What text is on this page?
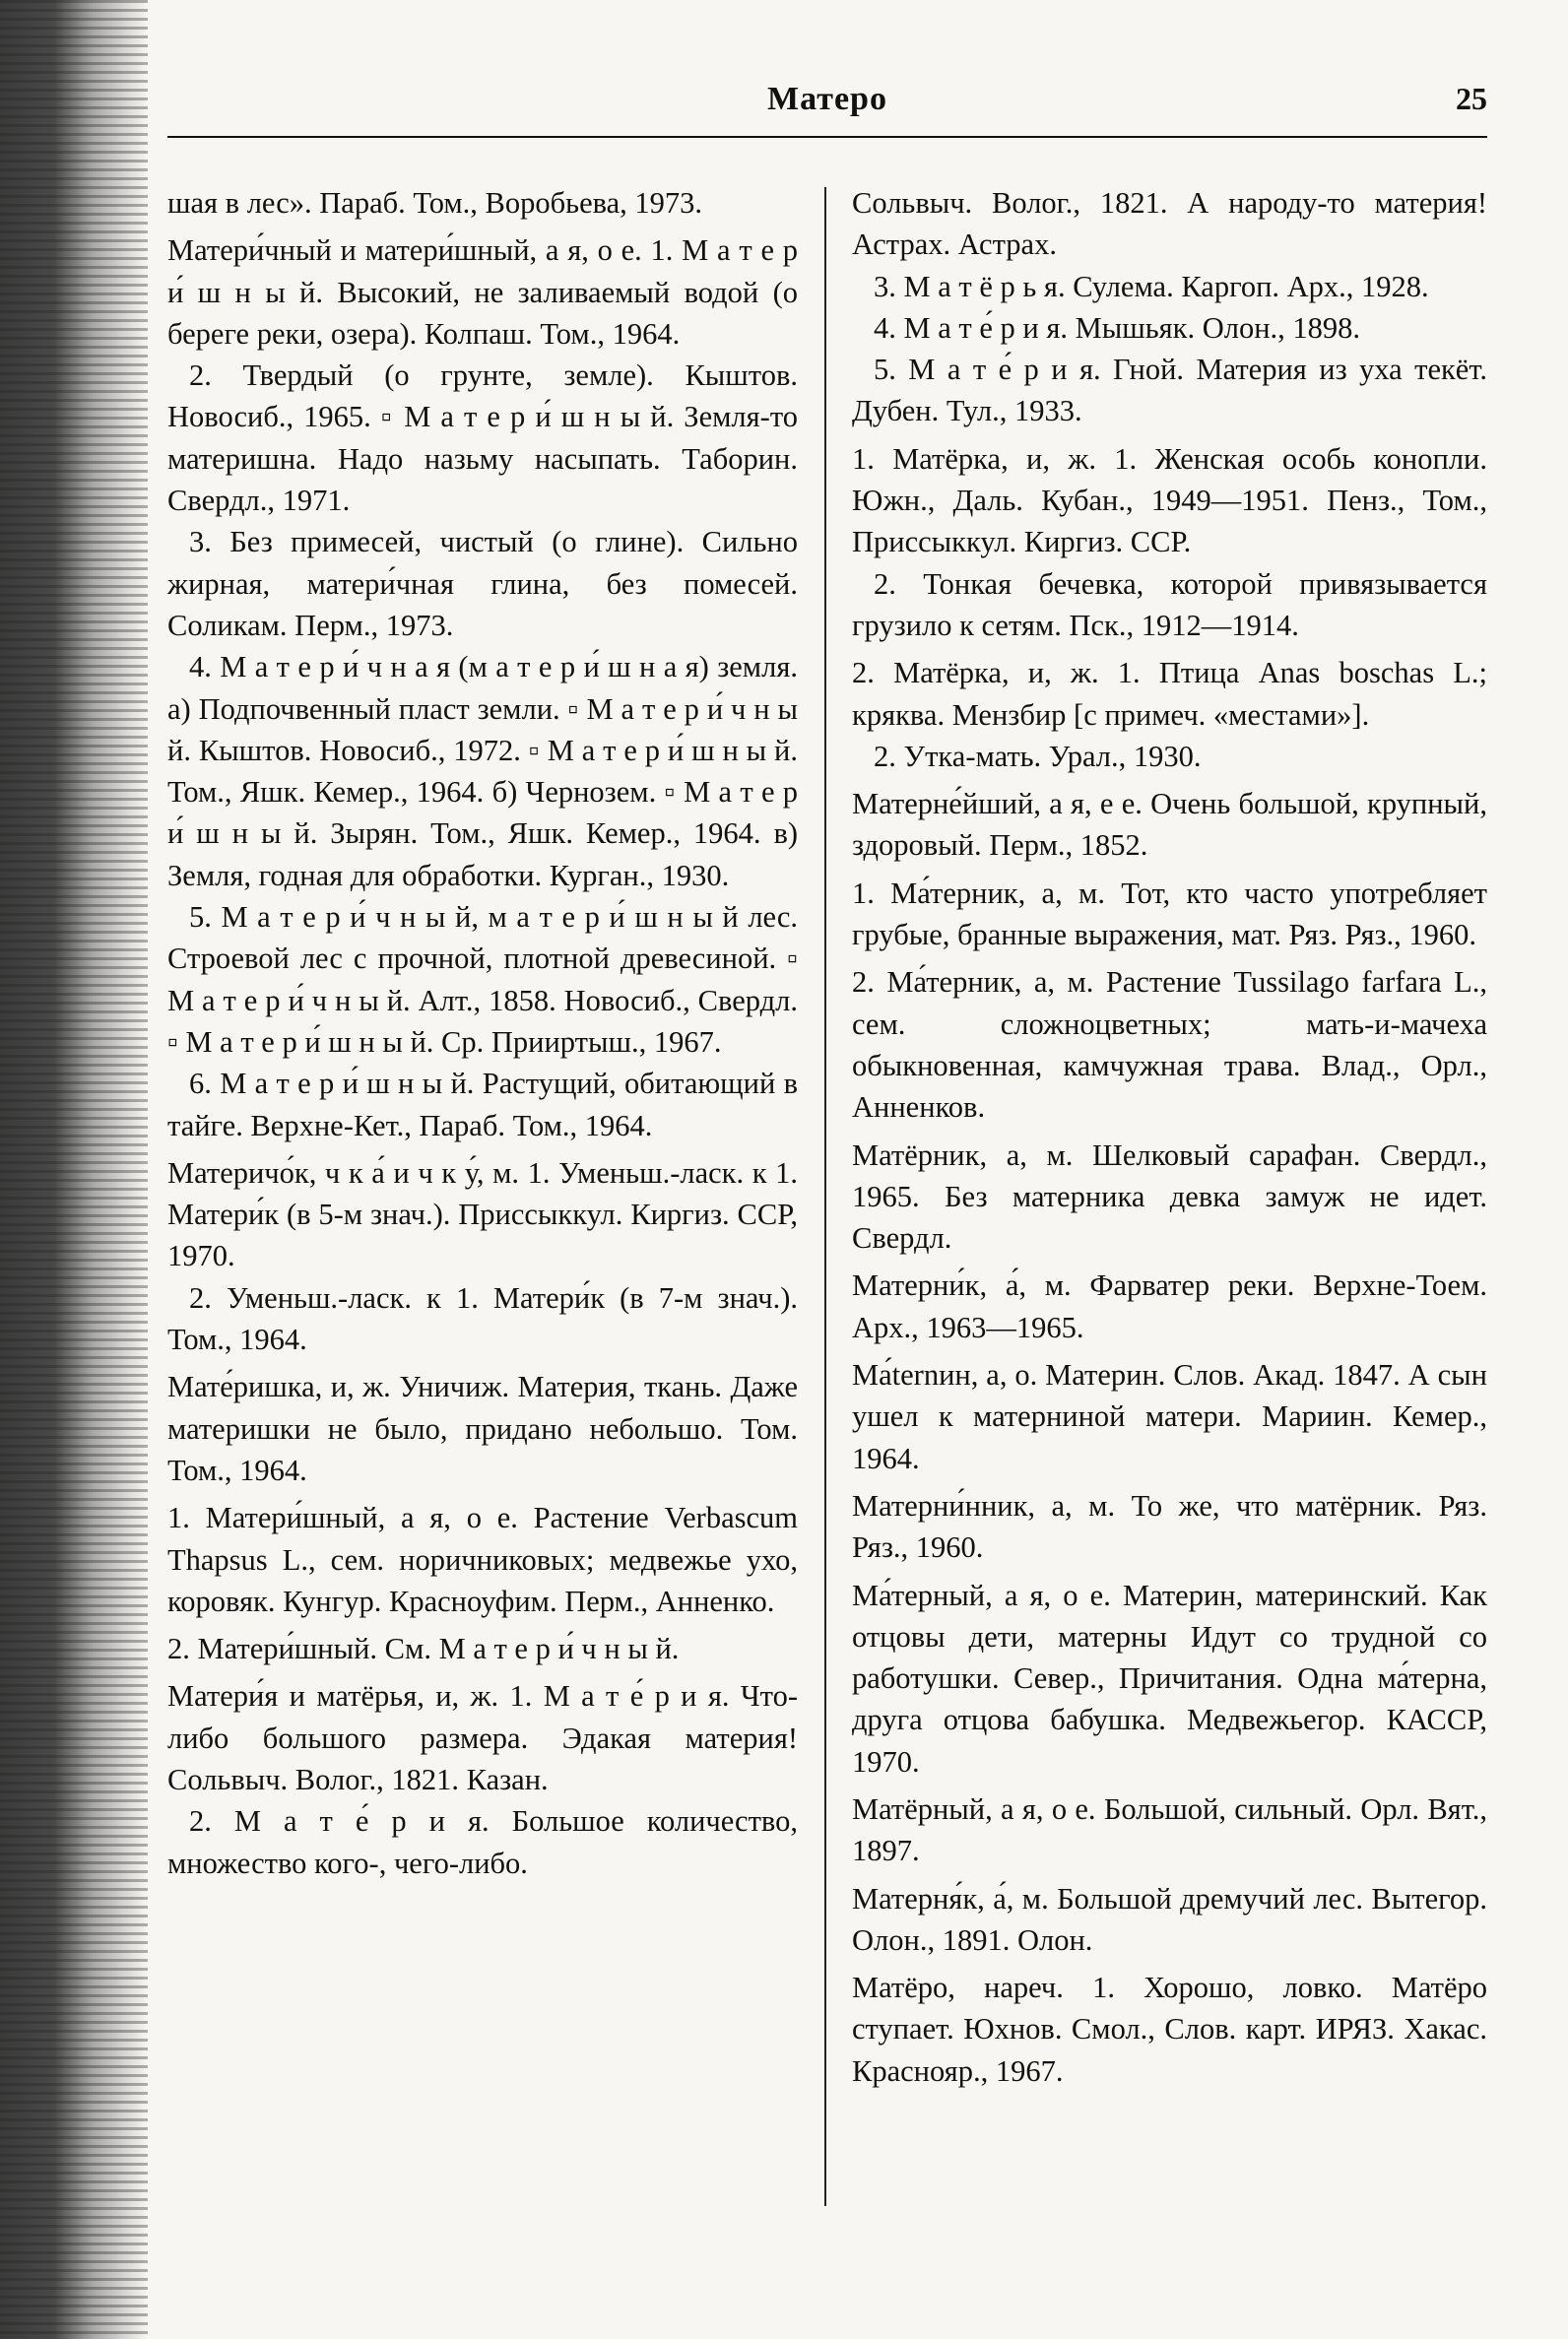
Матеро	25

шая в лес». Параб. Том., Воробьева, 1973.

Матери́чный и матери́шный, а я, о е. 1. М а т е р и́ ш н ы й. Высокий, не заливаемый водой (о береге реки, озера). Колпаш. Том., 1964.

2. Твердый (о грунте, земле). Кыштов. Новосиб., 1965. ▫ М а т е р и́ ш н ы й. Земля-то материшна. Надо назьму насыпать. Таборин. Свердл., 1971.

3. Без примесей, чистый (о глине). Сильно жирная, матери́чная глина, без помесей. Соликам. Перм., 1973.

4. М а т е р и́ ч н а я (м а т е р и́ ш н а я) земля. а) Подпочвенный пласт земли. ▫ М а т е р и́ ч н ы й. Кыштов. Новосиб., 1972. ▫ М а т е р и́ ш н ы й. Том., Яшк. Кемер., 1964. б) Чернозем. ▫ М а т е р и́ ш н ы й. Зырян. Том., Яшк. Кемер., 1964. в) Земля, годная для обработки. Курган., 1930.

5. М а т е р и́ ч н ы й, м а т е р и́ ш н ы й лес. Строевой лес с прочной, плотной древесиной. ▫ М а т е р и́ ч н ы й. Алт., 1858. Новосиб., Свердл. ▫ М а т е р и́ ш н ы й. Ср. Прииртыш., 1967.

6. М а т е р и́ ш н ы й. Растущий, обитающий в тайге. Верхне-Кет., Параб. Том., 1964.

Материчо́к, ч к а́ и ч к у́, м. 1. Уменьш.-ласк. к 1. Матери́к (в 5-м знач.). Приссыккул. Киргиз. ССР, 1970.

2. Уменьш.-ласк. к 1. Матери́к (в 7-м знач.). Том., 1964.

Мате́ришка, и, ж. Уничиж. Материя, ткань. Даже материшки не было, придано небольшо. Том. Том., 1964.

1. Матери́шный, а я, о е. Растение Verbascum Thapsus L., сем. норичниковых; медвежье ухо, коровяк. Кунгур. Красноуфим. Перм., Анненко.

2. Матери́шный. См. М а т е р и́ ч н ы й.

Матери́я и матёрья, и, ж. 1. М а т е́ р и я. Что-либо большого размера. Эдакая материя! Сольвыч. Волог., 1821. Казан.

2. М а т е́ р и я. Большое количество, множество кого-, чего-либо.

Сольвыч. Волог., 1821. А народу-то материя! Астрах. Астрах.

3. М а т ё р ь я. Сулема. Каргоп. Арх., 1928.

4. М а т е́ р и я. Мышьяк. Олон., 1898.

5. М а т е́ р и я. Гной. Материя из уха текёт. Дубен. Тул., 1933.

1. Матёрка, и, ж. 1. Женская особь конопли. Южн., Даль. Кубан., 1949—1951. Пенз., Том., Приссыккул. Киргиз. ССР.

2. Тонкая бечевка, которой привязывается грузило к сетям. Пск., 1912—1914.

2. Матёрка, и, ж. 1. Птица Anas boschas L.; кряква. Мензбир [с примеч. «местами»].

2. Утка-мать. Урал., 1930.

Матерне́йший, а я, е е. Очень большой, крупный, здоровый. Перм., 1852.

1. Ма́терник, а, м. Тот, кто часто употребляет грубые, бранные выражения, мат. Ряз. Ряз., 1960.

2. Ма́терник, а, м. Растение Tussilago farfara L., сем. сложноцветных; мать-и-мачеха обыкновенная, камчужная трава. Влад., Орл., Анненков.

Матёрник, а, м. Шелковый сарафан. Свердл., 1965. Без матерника девка замуж не идет. Свердл.

Матерни́к, а́, м. Фарватер реки. Верхне-Тоем. Арх., 1963—1965.

Ма́ternин, а, о. Материн. Слов. Акад. 1847. А сын ушел к матерниной матери. Мариин. Кемер., 1964.

Матерни́нник, а, м. То же, что матёрник. Ряз. Ряз., 1960.

Ма́терный, а я, о е. Материн, материнский. Как отцовы дети, матерны Идут со трудной со работушки. Север., Причитания. Одна ма́терна, друга отцова бабушка. Медвежьегор. КАССР, 1970.

Матёрный, а я, о е. Большой, сильный. Орл. Вят., 1897.

Матерня́к, а́, м. Большой дремучий лес. Вытегор. Олон., 1891. Олон.

Матёро, нареч. 1. Хорошо, ловко. Матёро ступает. Юхнов. Смол., Слов. карт. ИРЯЗ. Хакас. Краснояр., 1967.
